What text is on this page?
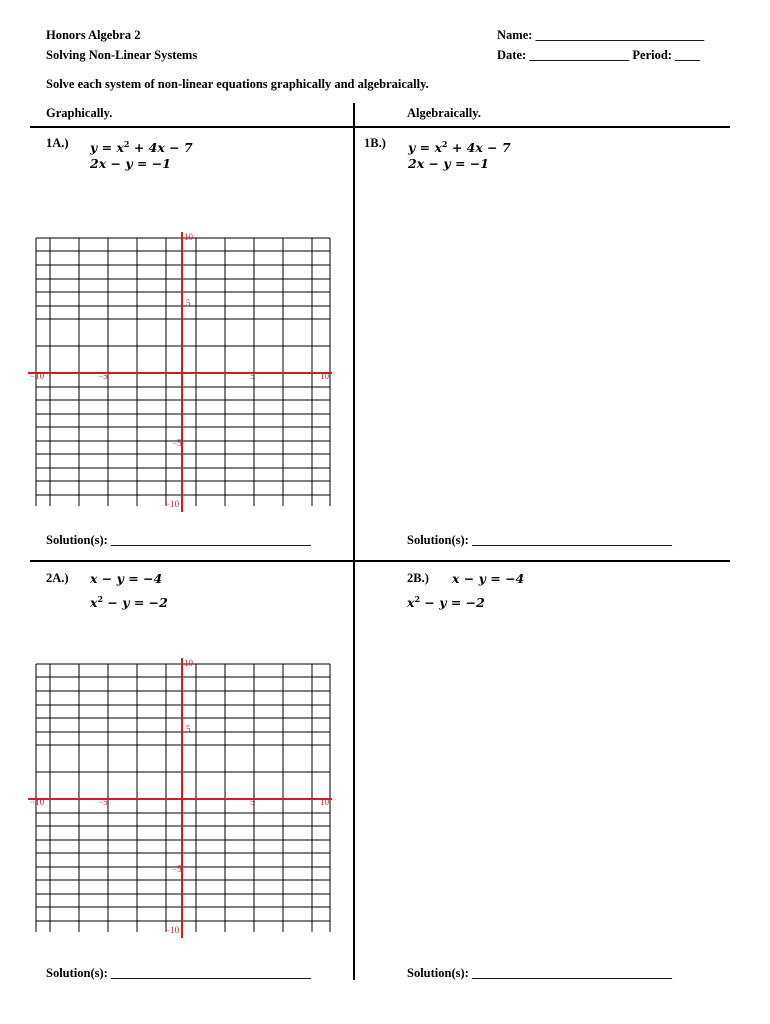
Honors Algebra 2
Solving Non-Linear Systems
Name: ___________________________
Date: ________________ Period: ____
Solve each system of non-linear equations graphically and algebraically.
Graphically.	Algebraically.
1A.) $y = x^2 + 4x - 7$
2x − y = −1
1B.) $y = x^2 + 4x - 7$
2x − y = −1
−10	−5	5	10
10
5
−5
−10
Solution(s): ________________________________	Solution(s): ________________________________
2A.) x − y = −4
$x^2 - y = -2$
2B.) x − y = −4
$x^2 - y = -2$
−10	−5	5	10
10
5
−5
−10
Solution(s): ________________________________	Solution(s): ________________________________
